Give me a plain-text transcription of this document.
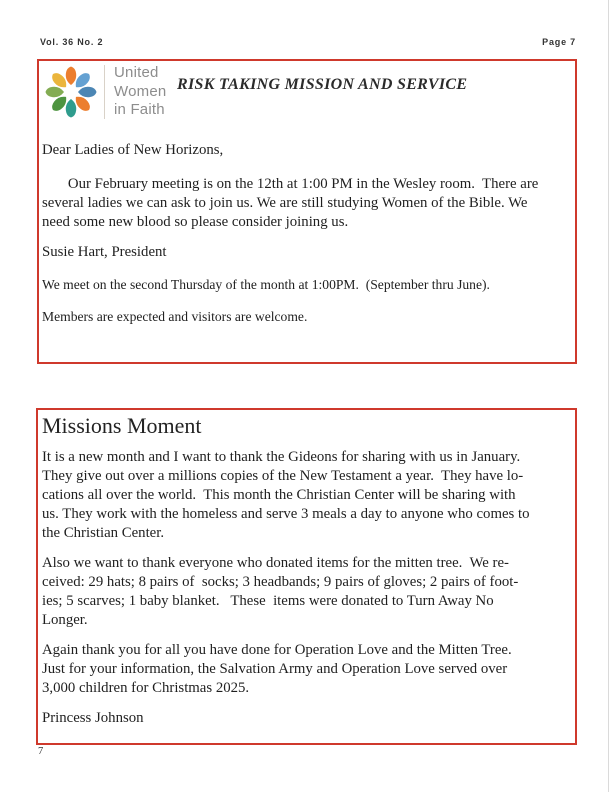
Vol. 36 No. 2	Page 7
United
Women
in Faith
RISK TAKING MISSION AND SERVICE
Dear Ladies of New Horizons,
Our February meeting is on the 12th at 1:00 PM in the Wesley room.  There are
several ladies we can ask to join us. We are still studying Women of the Bible. We
need some new blood so please consider joining us.
Susie Hart, President
We meet on the second Thursday of the month at 1:00PM.  (September thru June).
Members are expected and visitors are welcome.
Missions Moment
It is a new month and I want to thank the Gideons for sharing with us in January.
They give out over a millions copies of the New Testament a year.  They have lo-
cations all over the world.  This month the Christian Center will be sharing with
us. They work with the homeless and serve 3 meals a day to anyone who comes to
the Christian Center.
Also we want to thank everyone who donated items for the mitten tree.  We re-
ceived: 29 hats; 8 pairs of  socks; 3 headbands; 9 pairs of gloves; 2 pairs of foot-
ies; 5 scarves; 1 baby blanket.   These  items were donated to Turn Away No
Longer.
Again thank you for all you have done for Operation Love and the Mitten Tree.
Just for your information, the Salvation Army and Operation Love served over
3,000 children for Christmas 2025.
Princess Johnson
7
